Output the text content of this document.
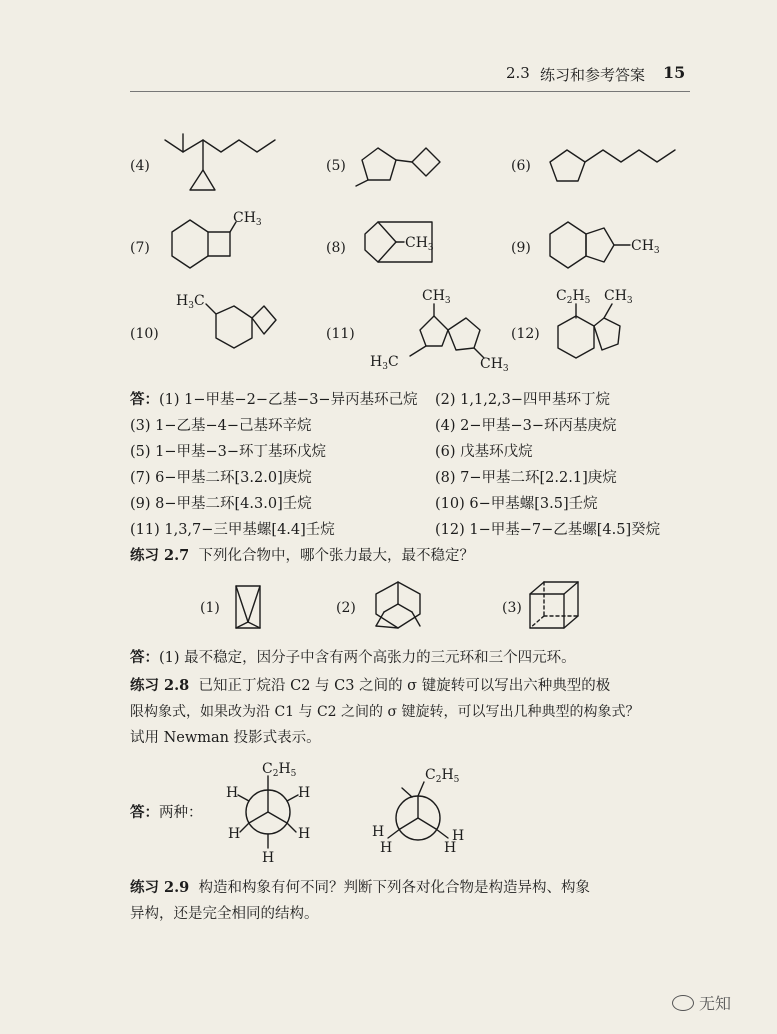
2.3 练习和参考答案 15
(4)	(5)	(6)
(7)
$CH_3$
(8)	$CH_3$	(9)	$CH_3$
(10)
$H_3C$
(11)
$CH_3$
$H_3C$	$CH_3$
(12)
$C_2H_5$ $CH_3$
(1)	(2)	(3)
$C_2H_5$
H	H
H	H
H
$C_2H_5$
H
H
H
H
答：(1) 1−甲基−2−乙基−3−异丙基环己烷 (2) 1,1,2,3−四甲基环丁烷
(3) 1−乙基−4−己基环辛烷	(4) 2−甲基−3−环丙基庚烷
(5) 1−甲基−3−环丁基环戊烷	(6) 戊基环戊烷
(7) 6−甲基二环[3.2.0]庚烷	(8) 7−甲基二环[2.2.1]庚烷
(9) 8−甲基二环[4.3.0]壬烷	(10) 6−甲基螺[3.5]壬烷
(11) 1,3,7−三甲基螺[4.4]壬烷	(12) 1−甲基−7−乙基螺[4.5]癸烷
练习 2.7 下列化合物中，哪个张力最大，最不稳定？
答：(1) 最不稳定，因分子中含有两个高张力的三元环和三个四元环。
练习 2.8 已知正丁烷沿 C2 与 C3 之间的 σ 键旋转可以写出六种典型的极
限构象式，如果改为沿 C1 与 C2 之间的 σ 键旋转，可以写出几种典型的构象式？
试用 Newman 投影式表示。
答：两种：
练习 2.9 构造和构象有何不同？判断下列各对化合物是构造异构、构象
异构，还是完全相同的结构。
无知
